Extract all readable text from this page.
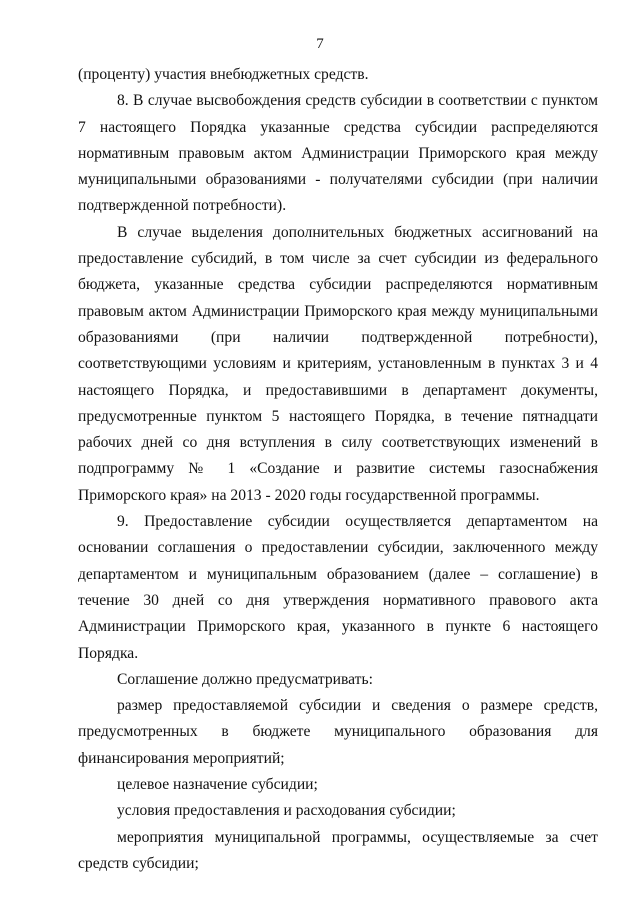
7

(проценту) участия внебюджетных средств.

8. В случае высвобождения средств субсидии в соответствии с пунктом 7 настоящего Порядка указанные средства субсидии распределяются нормативным правовым актом Администрации Приморского края между муниципальными образованиями - получателями субсидии (при наличии подтвержденной потребности).

В случае выделения дополнительных бюджетных ассигнований на предоставление субсидий, в том числе за счет субсидии из федерального бюджета, указанные средства субсидии распределяются нормативным правовым актом Администрации Приморского края между муниципальными образованиями (при наличии подтвержденной потребности), соответствующими условиям и критериям, установленным в пунктах 3 и 4 настоящего Порядка, и предоставившими в департамент документы, предусмотренные пунктом 5 настоящего Порядка, в течение пятнадцати рабочих дней со дня вступления в силу соответствующих изменений в подпрограмму № 1 «Создание и развитие системы газоснабжения Приморского края» на 2013 - 2020 годы государственной программы.

9. Предоставление субсидии осуществляется департаментом на основании соглашения о предоставлении субсидии, заключенного между департаментом и муниципальным образованием (далее – соглашение) в течение 30 дней со дня утверждения нормативного правового акта Администрации Приморского края, указанного в пункте 6 настоящего Порядка.

Соглашение должно предусматривать:

размер предоставляемой субсидии и сведения о размере средств, предусмотренных в бюджете муниципального образования для финансирования мероприятий;

целевое назначение субсидии;

условия предоставления и расходования субсидии;

мероприятия муниципальной программы, осуществляемые за счет средств субсидии;
